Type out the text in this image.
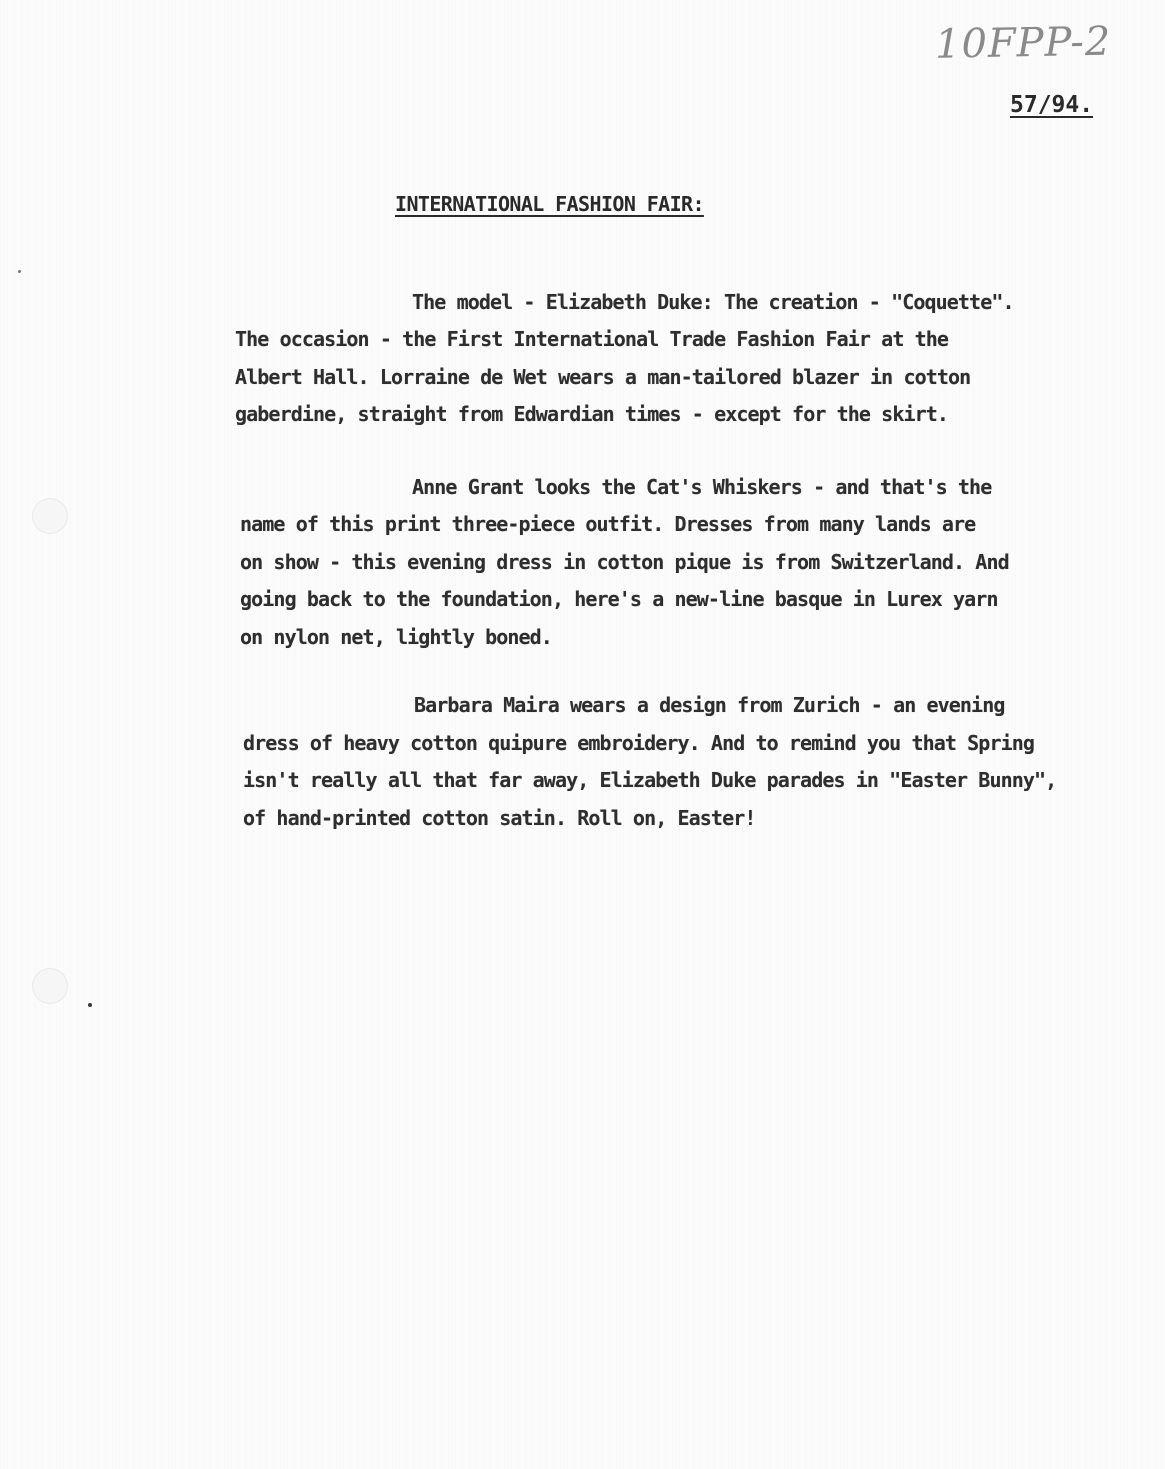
10FPP-2
57/94.
INTERNATIONAL FASHION FAIR:
The model - Elizabeth Duke: The creation - "Coquette".
The occasion - the First International Trade Fashion Fair at the
Albert Hall. Lorraine de Wet wears a man-tailored blazer in cotton
gaberdine, straight from Edwardian times - except for the skirt.
Anne Grant looks the Cat's Whiskers - and that's the
name of this print three-piece outfit. Dresses from many lands are
on show - this evening dress in cotton pique is from Switzerland. And
going back to the foundation, here's a new-line basque in Lurex yarn
on nylon net, lightly boned.
Barbara Maira wears a design from Zurich - an evening
dress of heavy cotton quipure embroidery. And to remind you that Spring
isn't really all that far away, Elizabeth Duke parades in "Easter Bunny",
of hand-printed cotton satin. Roll on, Easter!
